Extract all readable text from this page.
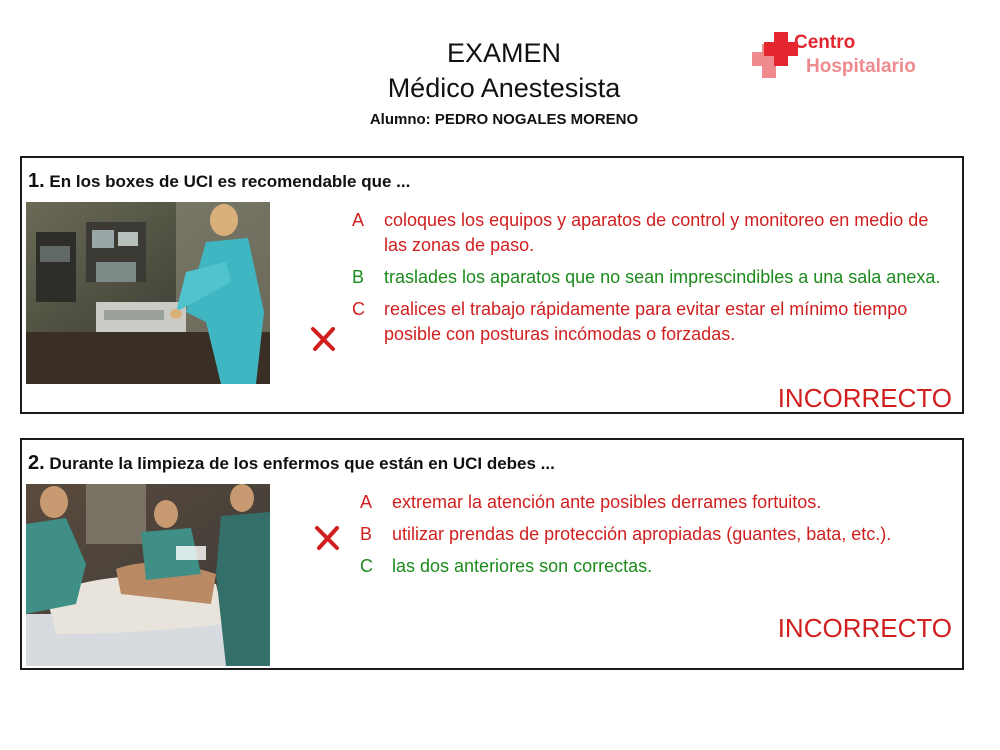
EXAMEN
Médico Anestesista
Alumno: PEDRO NOGALES MORENO
Centro
Hospitalario
1. En los boxes de UCI es recomendable que ...
A coloques los equipos y aparatos de control y monitoreo en medio de las zonas de paso.
B traslades los aparatos que no sean imprescindibles a una sala anexa.
C realices el trabajo rápidamente para evitar estar el mínimo tiempo posible con posturas incómodas o forzadas.
INCORRECTO
2. Durante la limpieza de los enfermos que están en UCI debes ...
A extremar la atención ante posibles derrames fortuitos.
B utilizar prendas de protección apropiadas (guantes, bata, etc.).
C las dos anteriores son correctas.
INCORRECTO
